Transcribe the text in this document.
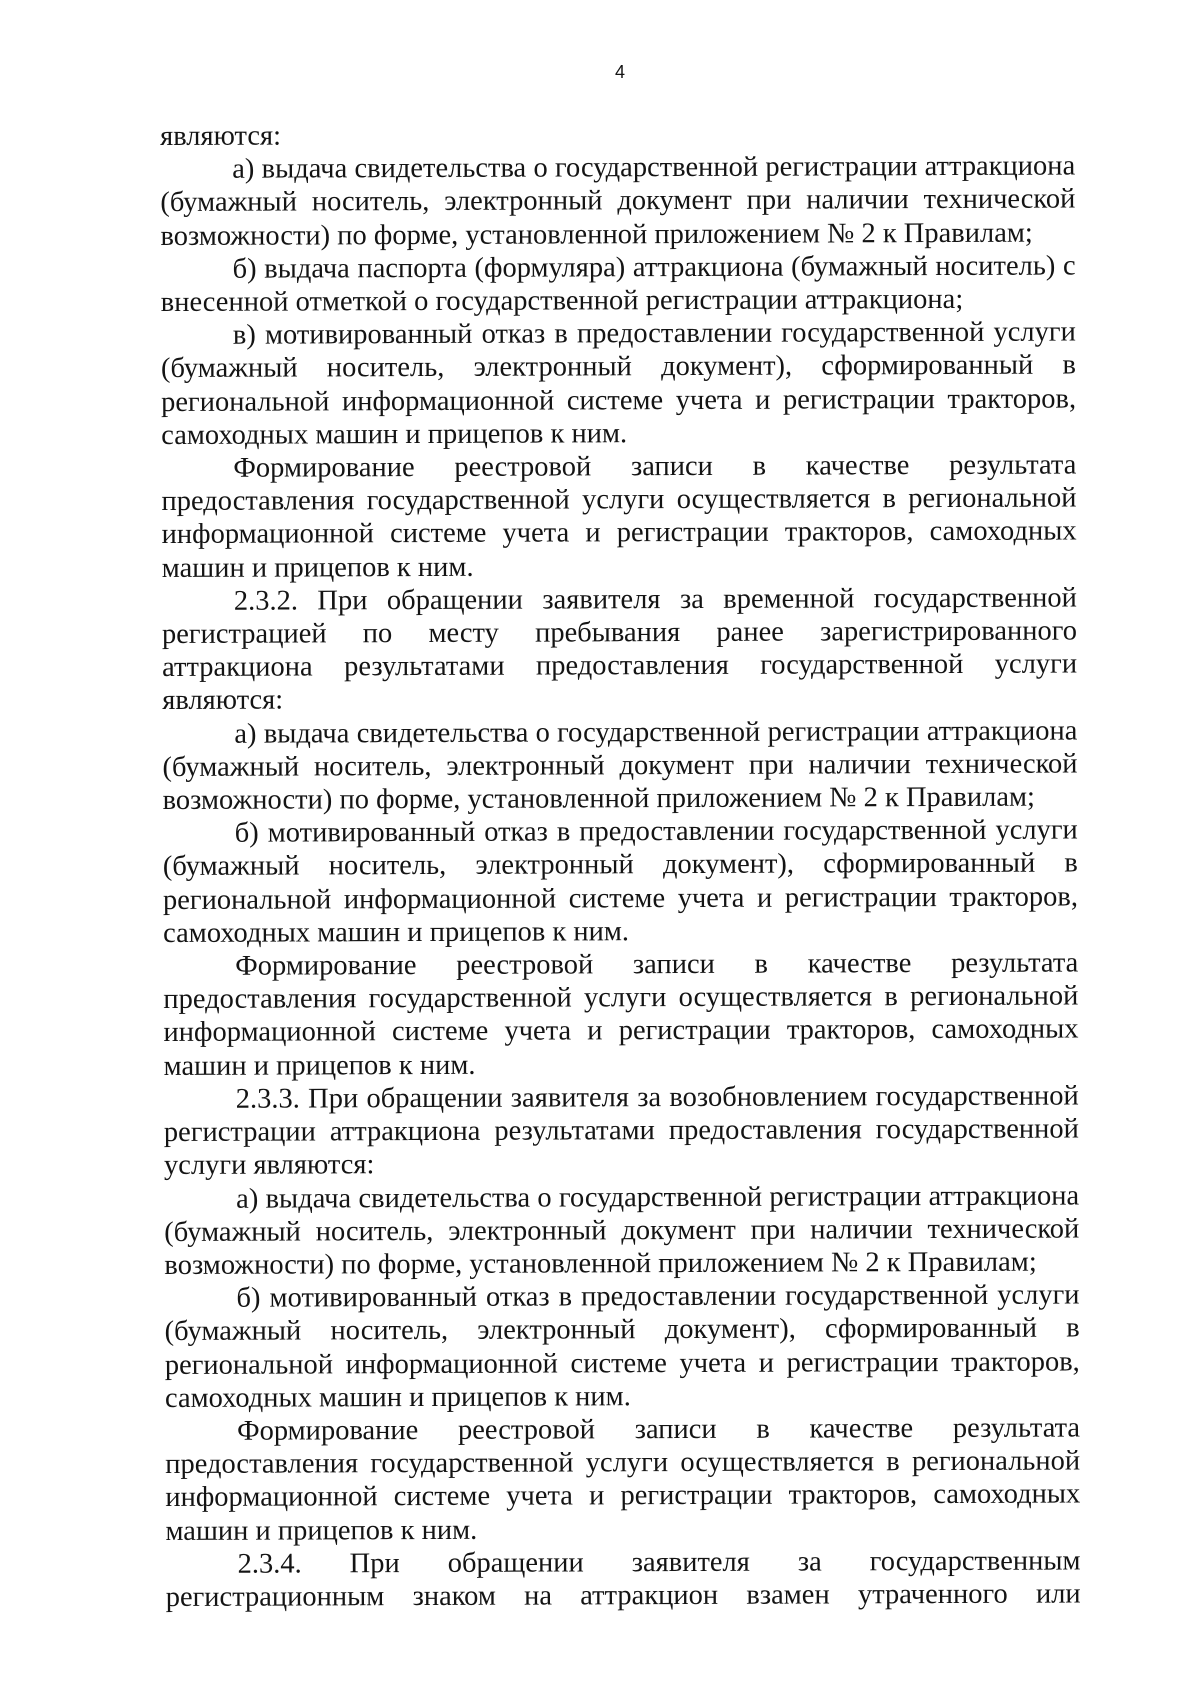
4

являются:

а) выдача свидетельства о государственной регистрации аттракциона (бумажный носитель, электронный документ при наличии технической возможности) по форме, установленной приложением № 2 к Правилам;

б) выдача паспорта (формуляра) аттракциона (бумажный носитель) с внесенной отметкой о государственной регистрации аттракциона;

в) мотивированный отказ в предоставлении государственной услуги (бумажный носитель, электронный документ), сформированный в региональной информационной системе учета и регистрации тракторов, самоходных машин и прицепов к ним.

Формирование реестровой записи в качестве результата предоставления государственной услуги осуществляется в региональной информационной системе учета и регистрации тракторов, самоходных машин и прицепов к ним.

2.3.2. При обращении заявителя за временной государственной регистрацией по месту пребывания ранее зарегистрированного аттракциона результатами предоставления государственной услуги являются:

а) выдача свидетельства о государственной регистрации аттракциона (бумажный носитель, электронный документ при наличии технической возможности) по форме, установленной приложением № 2 к Правилам;

б) мотивированный отказ в предоставлении государственной услуги (бумажный носитель, электронный документ), сформированный в региональной информационной системе учета и регистрации тракторов, самоходных машин и прицепов к ним.

Формирование реестровой записи в качестве результата предоставления государственной услуги осуществляется в региональной информационной системе учета и регистрации тракторов, самоходных машин и прицепов к ним.

2.3.3. При обращении заявителя за возобновлением государственной регистрации аттракциона результатами предоставления государственной услуги являются:

а) выдача свидетельства о государственной регистрации аттракциона (бумажный носитель, электронный документ при наличии технической возможности) по форме, установленной приложением № 2 к Правилам;

б) мотивированный отказ в предоставлении государственной услуги (бумажный носитель, электронный документ), сформированный в региональной информационной системе учета и регистрации тракторов, самоходных машин и прицепов к ним.

Формирование реестровой записи в качестве результата предоставления государственной услуги осуществляется в региональной информационной системе учета и регистрации тракторов, самоходных машин и прицепов к ним.

2.3.4. При обращении заявителя за государственным регистрационным знаком на аттракцион взамен утраченного или
